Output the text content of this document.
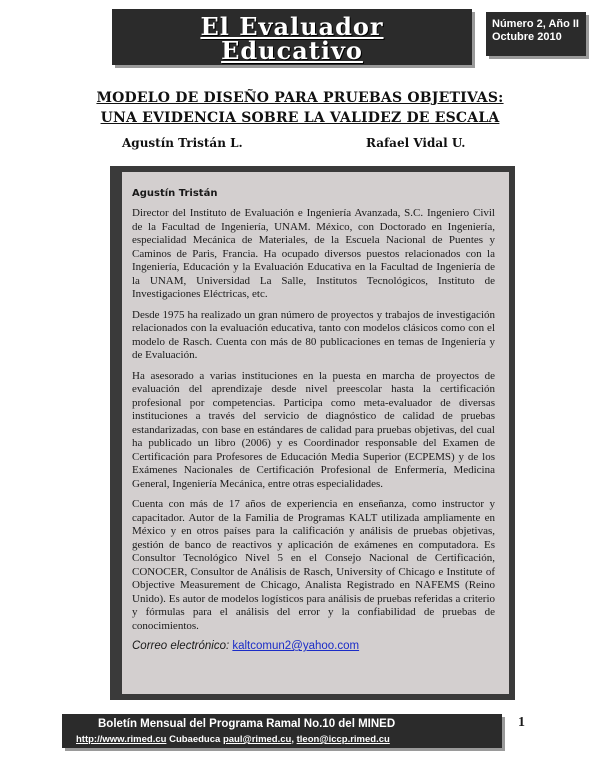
El Evaluador
Educativo
Número 2, Año II
Octubre 2010
MODELO DE DISEÑO PARA PRUEBAS OBJETIVAS:
UNA EVIDENCIA SOBRE LA VALIDEZ DE ESCALA
Agustín Tristán L.	Rafael Vidal U.
Agustín Tristán

Director del Instituto de Evaluación e Ingeniería Avanzada, S.C. Ingeniero Civil de la Facultad de Ingeniería, UNAM. México, con Doctorado en Ingeniería, especialidad Mecánica de Materiales, de la Escuela Nacional de Puentes y Caminos de Paris, Francia. Ha ocupado diversos puestos relacionados con la Ingeniería, Educación y la Evaluación Educativa en la Facultad de Ingeniería de la UNAM, Universidad La Salle, Institutos Tecnológicos, Instituto de Investigaciones Eléctricas, etc.

Desde 1975 ha realizado un gran número de proyectos y trabajos de investigación relacionados con la evaluación educativa, tanto con modelos clásicos como con el modelo de Rasch. Cuenta con más de 80 publicaciones en temas de Ingeniería y de Evaluación.

Ha asesorado a varias instituciones en la puesta en marcha de proyectos de evaluación del aprendizaje desde nivel preescolar hasta la certificación profesional por competencias. Participa como meta-evaluador de diversas instituciones a través del servicio de diagnóstico de calidad de pruebas estandarizadas, con base en estándares de calidad para pruebas objetivas, del cual ha publicado un libro (2006) y es Coordinador responsable del Examen de Certificación para Profesores de Educación Media Superior (ECPEMS) y de los Exámenes Nacionales de Certificación Profesional de Enfermería, Medicina General, Ingeniería Mecánica, entre otras especialidades.

Cuenta con más de 17 años de experiencia en enseñanza, como instructor y capacitador. Autor de la Familia de Programas KALT utilizada ampliamente en México y en otros países para la calificación y análisis de pruebas objetivas, gestión de banco de reactivos y aplicación de exámenes en computadora. Es Consultor Tecnológico Nivel 5 en el Consejo Nacional de Certificación, CONOCER, Consultor de Análisis de Rasch, University of Chicago e Institute of Objective Measurement de Chicago, Analista Registrado en NAFEMS (Reino Unido). Es autor de modelos logísticos para análisis de pruebas referidas a criterio y fórmulas para el análisis del error y la confiabilidad de pruebas de conocimientos.

Correo electrónico: kaltcomun2@yahoo.com
Boletín Mensual del Programa Ramal No.10 del MINED
http://www.rimed.cu Cubaeduca paul@rimed.cu, tleon@iccp.rimed.cu
1
